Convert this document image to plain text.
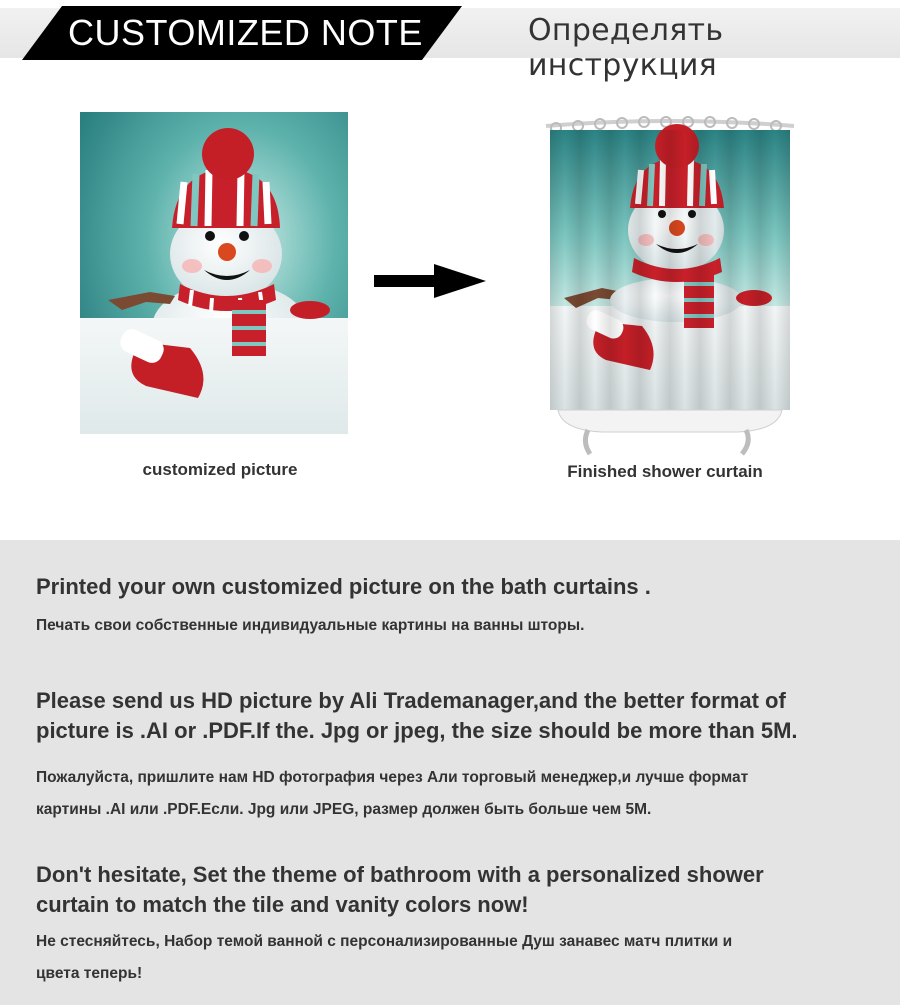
CUSTOMIZED NOTE	Определять инструкция
customized picture	Finished shower curtain
Printed your own customized picture on the bath curtains .
Печать свои собственные индивидуальные картины на ванны шторы.
Please send us HD picture by Ali Trademanager,and the better format of
picture is .AI or .PDF.If the. Jpg or jpeg, the size should be more than 5M.
Пожалуйста, пришлите нам HD фотография через Али торговый менеджер,и лучше формат
картины .AI или .PDF.Если. Jpg или JPEG, размер должен быть больше чем 5M.
Don't hesitate, Set the theme of bathroom with a personalized shower
curtain to match the tile and vanity colors now!
Не стесняйтесь, Набор темой ванной с персонализированные Душ занавес матч плитки и
цвета теперь!
